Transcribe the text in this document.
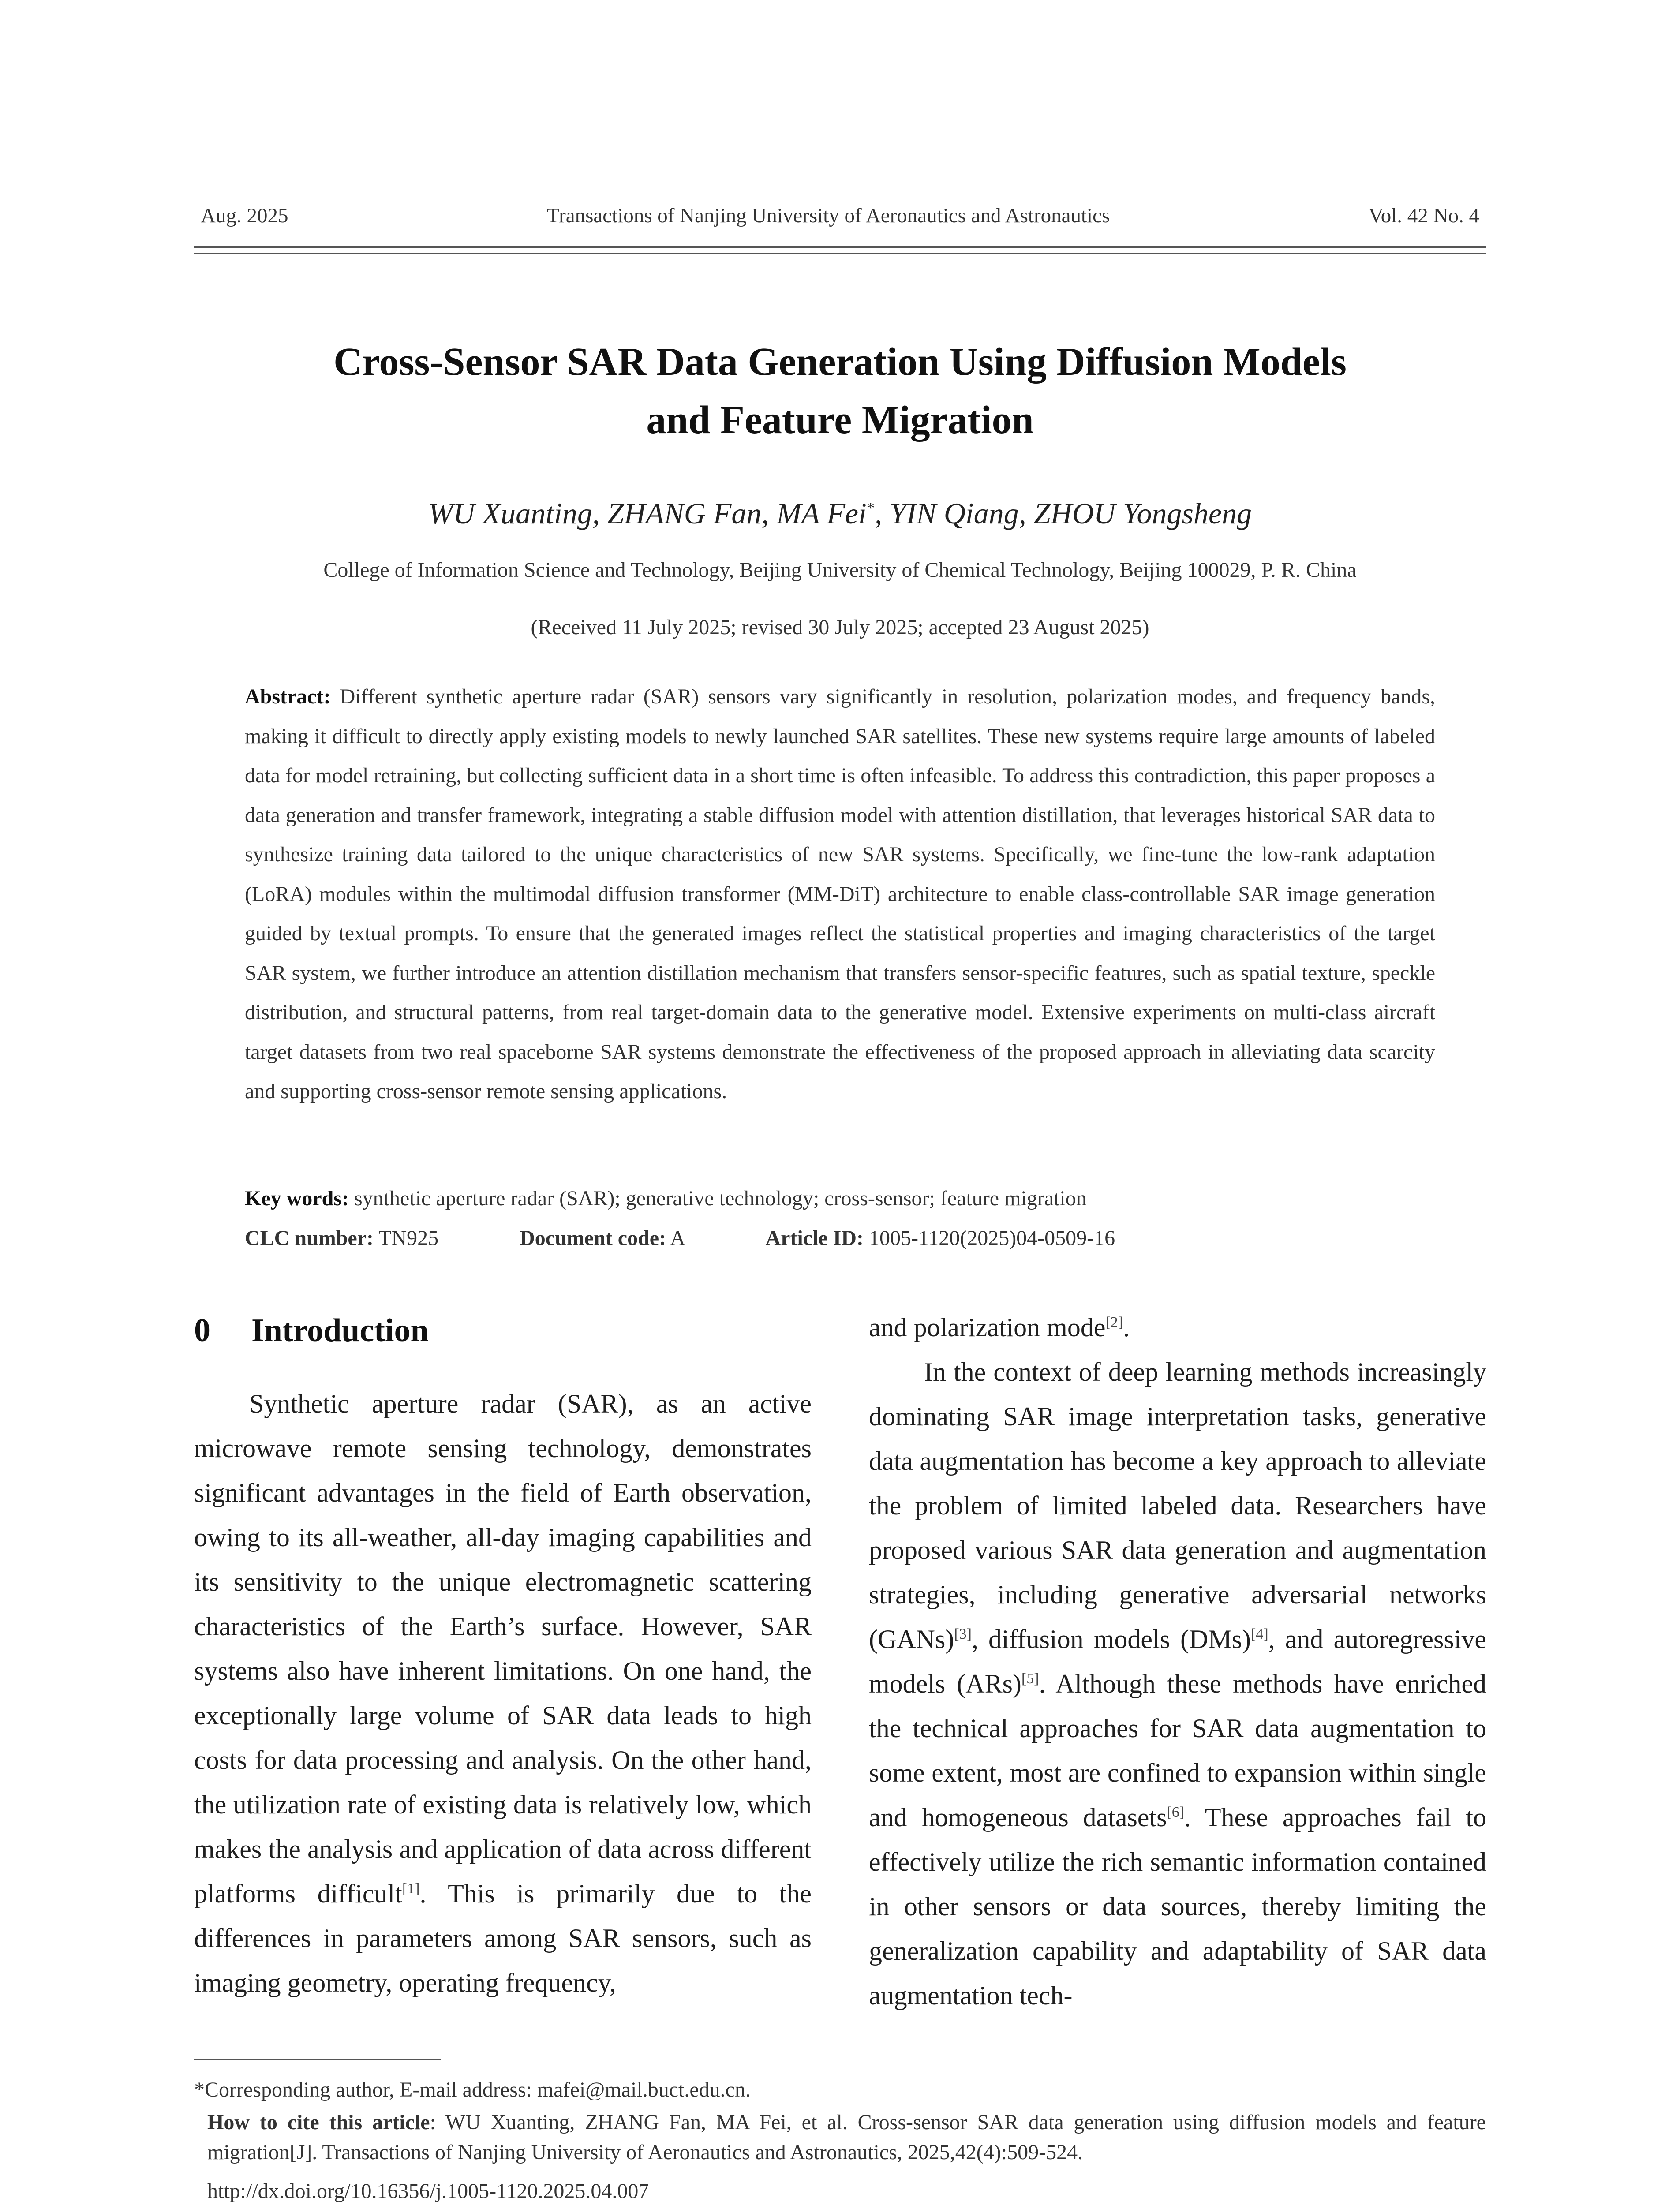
Aug. 2025	Transactions of Nanjing University of Aeronautics and Astronautics	Vol. 42 No. 4
Cross-Sensor SAR Data Generation Using Diffusion Models
and Feature Migration
WU Xuanting, ZHANG Fan, MA Fei*, YIN Qiang, ZHOU Yongsheng
College of Information Science and Technology, Beijing University of Chemical Technology, Beijing 100029, P. R. China
(Received 11 July 2025; revised 30 July 2025; accepted 23 August 2025)
Abstract: Different synthetic aperture radar (SAR) sensors vary significantly in resolution, polarization modes, and frequency bands, making it difficult to directly apply existing models to newly launched SAR satellites. These new systems require large amounts of labeled data for model retraining, but collecting sufficient data in a short time is often infeasible. To address this contradiction, this paper proposes a data generation and transfer framework, integrating a stable diffusion model with attention distillation, that leverages historical SAR data to synthesize training data tailored to the unique characteristics of new SAR systems. Specifically, we fine-tune the low-rank adaptation (LoRA) modules within the multimodal diffusion transformer (MM-DiT) architecture to enable class-controllable SAR image generation guided by textual prompts. To ensure that the generated images reflect the statistical properties and imaging characteristics of the target SAR system, we further introduce an attention distillation mechanism that transfers sensor-specific features, such as spatial texture, speckle distribution, and structural patterns, from real target-domain data to the generative model. Extensive experiments on multi-class aircraft target datasets from two real spaceborne SAR systems demonstrate the effectiveness of the proposed approach in alleviating data scarcity and supporting cross-sensor remote sensing applications.
Key words: synthetic aperture radar (SAR); generative technology; cross-sensor; feature migration
CLC number: TN925	Document code: A	Article ID: 1005-1120(2025)04-0509-16
0 Introduction

Synthetic aperture radar (SAR), as an active microwave remote sensing technology, demonstrates significant advantages in the field of Earth observation, owing to its all-weather, all-day imaging capabilities and its sensitivity to the unique electromagnetic scattering characteristics of the Earth’s surface. However, SAR systems also have inherent limitations. On one hand, the exceptionally large volume of SAR data leads to high costs for data processing and analysis. On the other hand, the utilization rate of existing data is relatively low, which makes the analysis and application of data across different platforms difficult[1]. This is primarily due to the differences in parameters among SAR sensors, such as imaging geometry, operating frequency,

and polarization mode[2].

In the context of deep learning methods increasingly dominating SAR image interpretation tasks, generative data augmentation has become a key approach to alleviate the problem of limited labeled data. Researchers have proposed various SAR data generation and augmentation strategies, including generative adversarial networks (GANs)[3], diffusion models (DMs)[4], and autoregressive models (ARs)[5]. Although these methods have enriched the technical approaches for SAR data augmentation to some extent, most are confined to expansion within single and homogeneous datasets[6]. These approaches fail to effectively utilize the rich semantic information contained in other sensors or data sources, thereby limiting the generalization capability and adaptability of SAR data augmentation tech-

*Corresponding author, E-mail address: mafei@mail.buct.edu.cn.

How to cite this article: WU Xuanting, ZHANG Fan, MA Fei, et al. Cross-sensor SAR data generation using diffusion models and feature migration[J]. Transactions of Nanjing University of Aeronautics and Astronautics, 2025,42(4):509-524.

http://dx.doi.org/10.16356/j.1005-1120.2025.04.007
